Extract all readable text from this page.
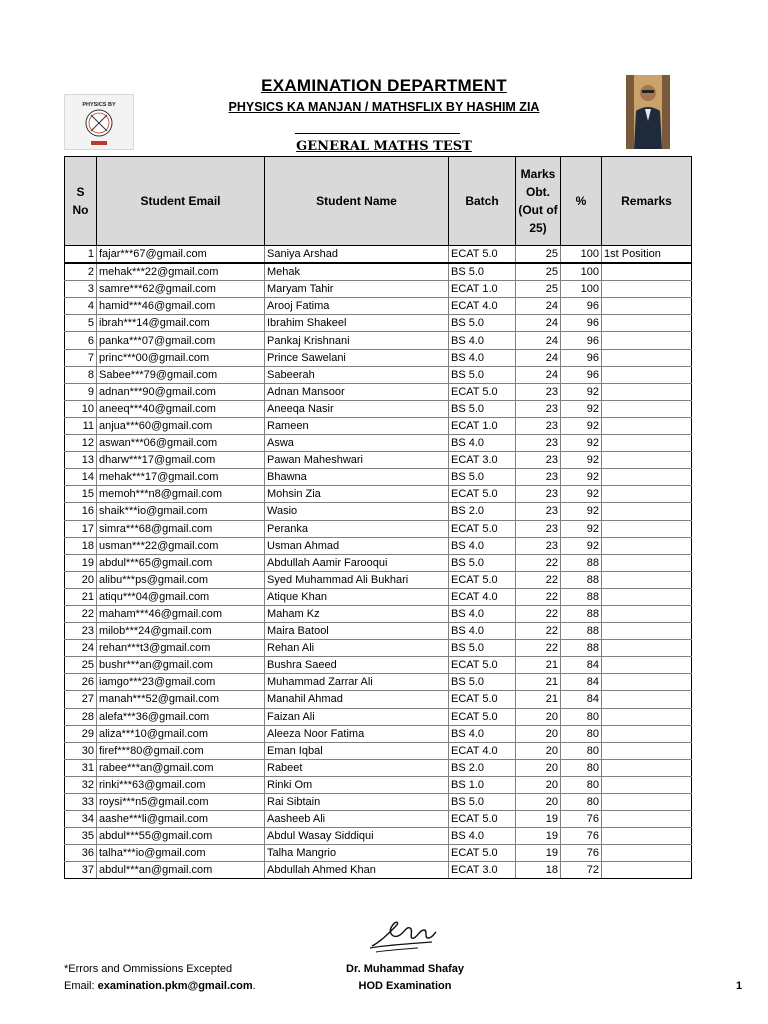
EXAMINATION DEPARTMENT
PHYSICS KA MANJAN / MATHSFLIX BY HASHIM ZIA
PHYSICS BY
GENERAL MATHS TEST
S No	Student Email	Student Name	Batch	Marks Obt. (Out of 25)	%	Remarks
1	fajar***67@gmail.com	Saniya Arshad	ECAT 5.0	25	100	1st Position
2	mehak***22@gmail.com	Mehak	BS 5.0	25	100	
3	samre***62@gmail.com	Maryam Tahir	ECAT 1.0	25	100	
4	hamid***46@gmail.com	Arooj Fatima	ECAT 4.0	24	96	
5	ibrah***14@gmail.com	Ibrahim Shakeel	BS 5.0	24	96	
6	panka***07@gmail.com	Pankaj Krishnani	BS 4.0	24	96	
7	princ***00@gmail.com	Prince Sawelani	BS 4.0	24	96	
8	Sabee***79@gmail.com	Sabeerah	BS 5.0	24	96	
9	adnan***90@gmail.com	Adnan Mansoor	ECAT 5.0	23	92	
10	aneeq***40@gmail.com	Aneeqa Nasir	BS 5.0	23	92	
11	anjua***60@gmail.com	Rameen	ECAT 1.0	23	92	
12	aswan***06@gmail.com	Aswa	BS 4.0	23	92	
13	dharw***17@gmail.com	Pawan Maheshwari	ECAT 3.0	23	92	
14	mehak***17@gmail.com	Bhawna	BS 5.0	23	92	
15	memoh***n8@gmail.com	Mohsin Zia	ECAT 5.0	23	92	
16	shaik***io@gmail.com	Wasio	BS 2.0	23	92	
17	simra***68@gmail.com	Peranka	ECAT 5.0	23	92	
18	usman***22@gmail.com	Usman Ahmad	BS 4.0	23	92	
19	abdul***65@gmail.com	Abdullah Aamir Farooqui	BS 5.0	22	88	
20	alibu***ps@gmail.com	Syed Muhammad Ali Bukhari	ECAT 5.0	22	88	
21	atiqu***04@gmail.com	Atique Khan	ECAT 4.0	22	88	
22	maham***46@gmail.com	Maham Kz	BS 4.0	22	88	
23	milob***24@gmail.com	Maira Batool	BS 4.0	22	88	
24	rehan***t3@gmail.com	Rehan Ali	BS 5.0	22	88	
25	bushr***an@gmail.com	Bushra Saeed	ECAT 5.0	21	84	
26	iamgo***23@gmail.com	Muhammad Zarrar Ali	BS 5.0	21	84	
27	manah***52@gmail.com	Manahil Ahmad	ECAT 5.0	21	84	
28	alefa***36@gmail.com	Faizan Ali	ECAT 5.0	20	80	
29	aliza***10@gmail.com	Aleeza Noor Fatima	BS 4.0	20	80	
30	firef***80@gmail.com	Eman Iqbal	ECAT 4.0	20	80	
31	rabee***an@gmail.com	Rabeet	BS 2.0	20	80	
32	rinki***63@gmail.com	Rinki Om	BS 1.0	20	80	
33	roysi***n5@gmail.com	Rai Sibtain	BS 5.0	20	80	
34	aashe***li@gmail.com	Aasheeb Ali	ECAT 5.0	19	76	
35	abdul***55@gmail.com	Abdul Wasay Siddiqui	BS 4.0	19	76	
36	talha***io@gmail.com	Talha Mangrio	ECAT 5.0	19	76	
37	abdul***an@gmail.com	Abdullah Ahmed Khan	ECAT 3.0	18	72	
*Errors and Ommissions Excepted
Email: examination.pkm@gmail.com.
Dr. Muhammad Shafay
HOD Examination	1
